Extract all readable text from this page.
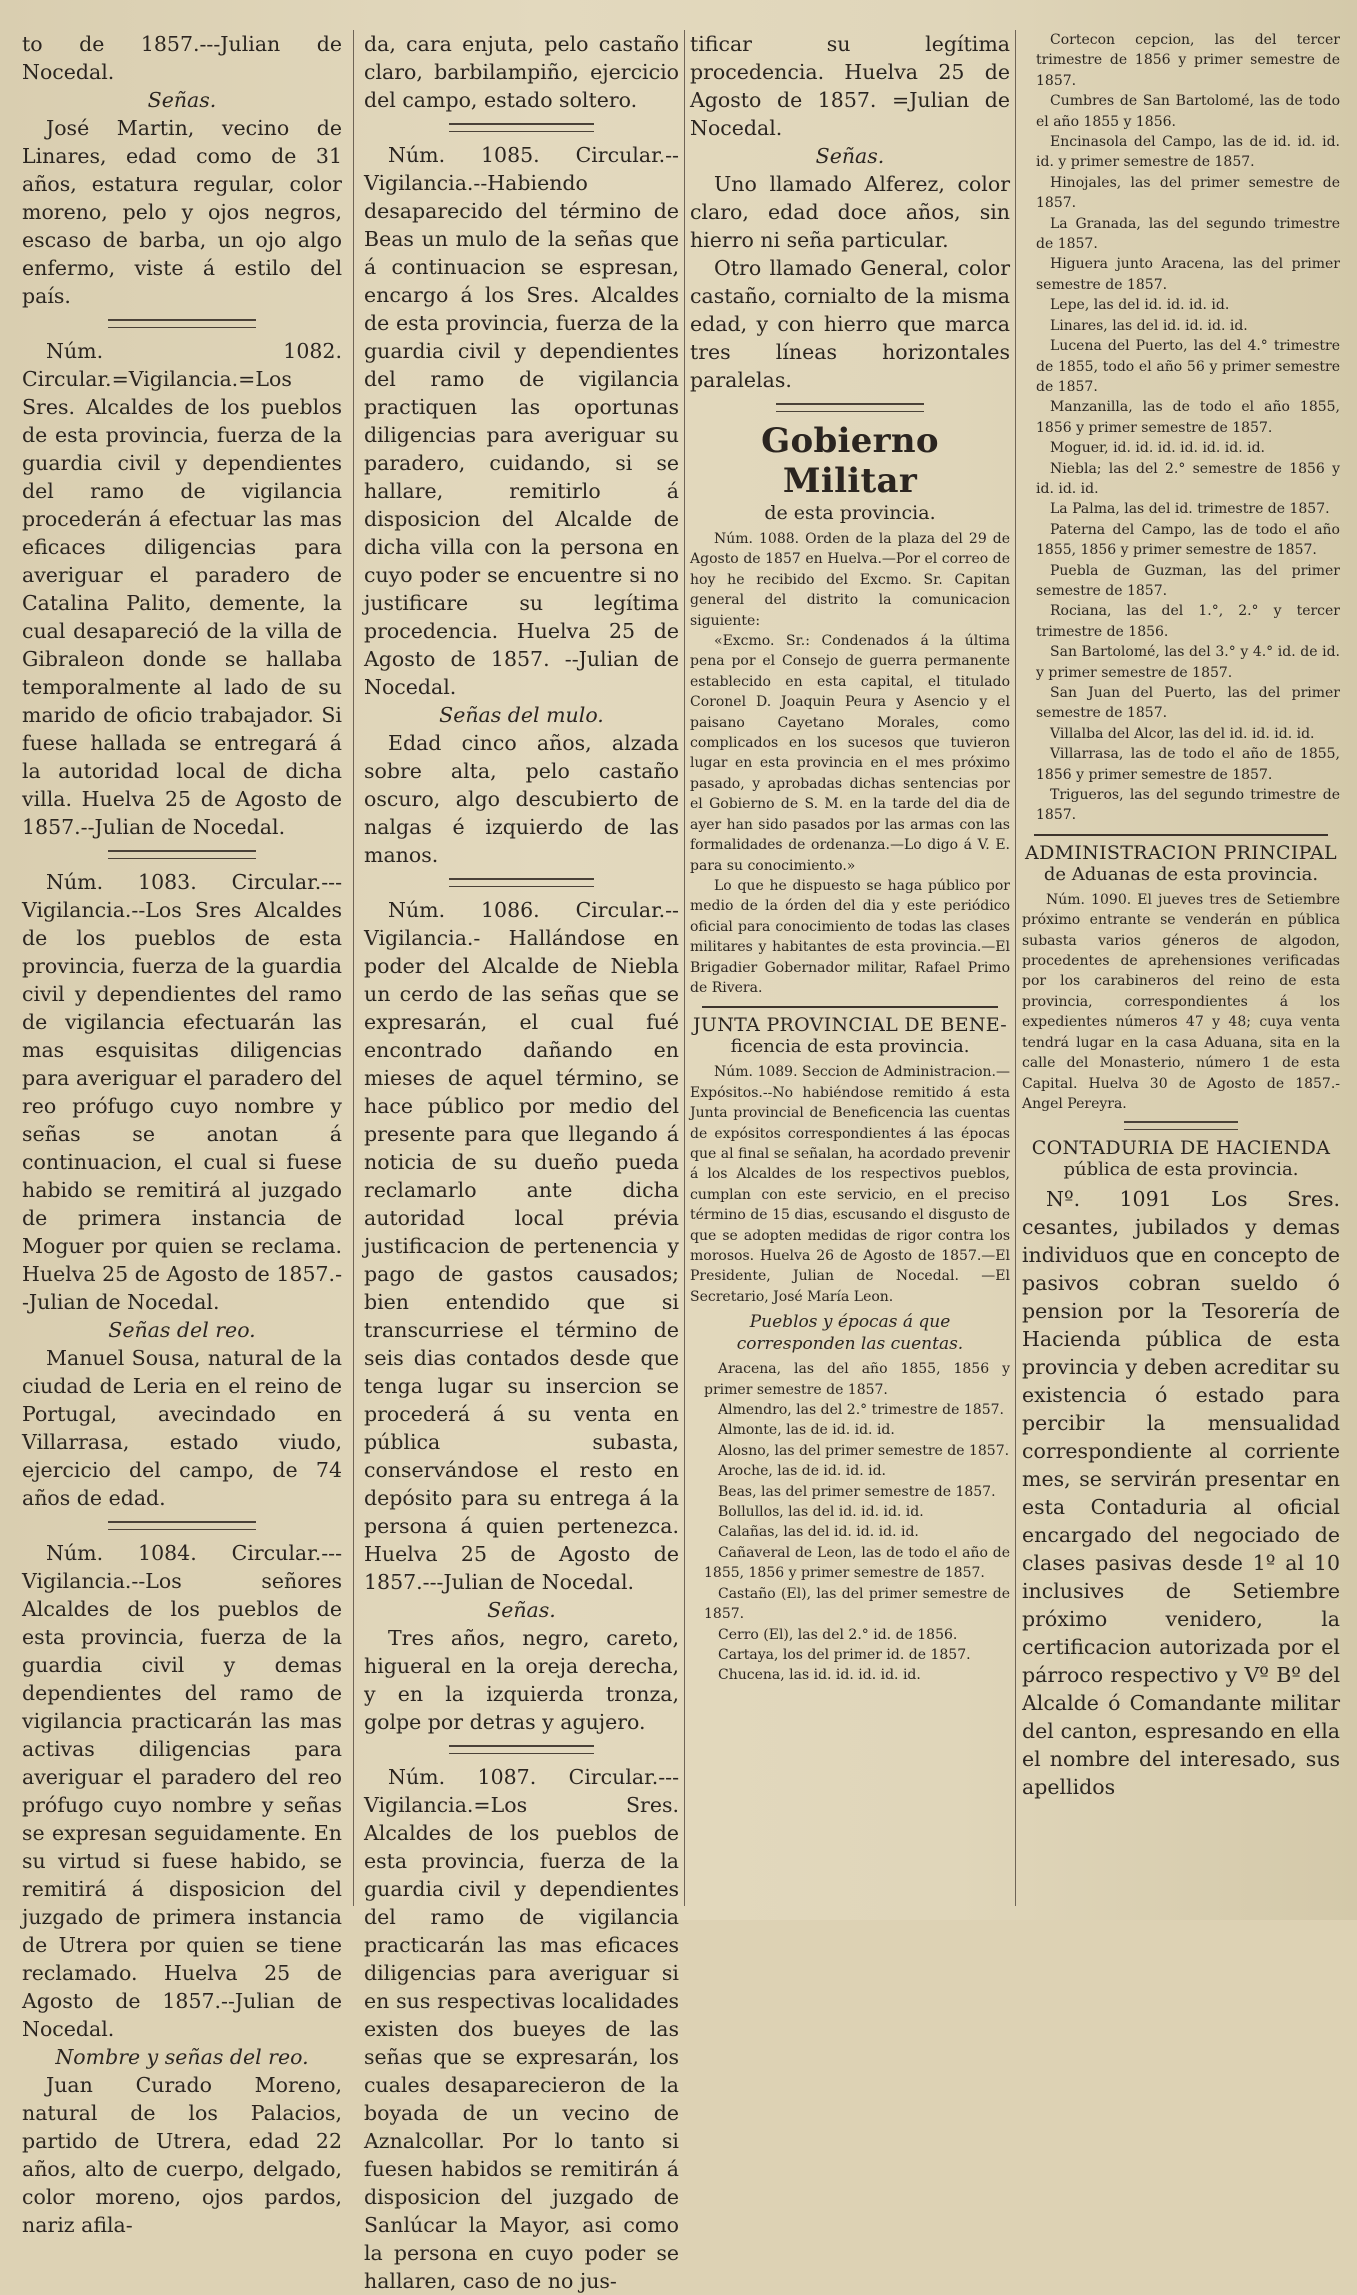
to de 1857.---Julian de Nocedal.

Señas.

José Martin, vecino de Linares, edad como de 31 años, estatura regular, color moreno, pelo y ojos negros, escaso de barba, un ojo algo enfermo, viste á estilo del país.

Núm. 1082. Circular.=Vigilancia.=Los Sres. Alcaldes de los pueblos de esta provincia, fuerza de la guardia civil y dependientes del ramo de vigilancia procederán á efectuar las mas eficaces diligencias para averiguar el paradero de Catalina Palito, demente, la cual desapareció de la villa de Gibraleon donde se hallaba temporalmente al lado de su marido de oficio trabajador. Si fuese hallada se entregará á la autoridad local de dicha villa. Huelva 25 de Agosto de 1857.--Julian de Nocedal.

Núm. 1083. Circular.---Vigilancia.--Los Sres Alcaldes de los pueblos de esta provincia, fuerza de la guardia civil y dependientes del ramo de vigilancia efectuarán las mas esquisitas diligencias para averiguar el paradero del reo prófugo cuyo nombre y señas se anotan á continuacion, el cual si fuese habido se remitirá al juzgado de primera instancia de Moguer por quien se reclama. Huelva 25 de Agosto de 1857.--Julian de Nocedal.

Señas del reo.

Manuel Sousa, natural de la ciudad de Leria en el reino de Portugal, avecindado en Villarrasa, estado viudo, ejercicio del campo, de 74 años de edad.

Núm. 1084. Circular.---Vigilancia.--Los señores Alcaldes de los pueblos de esta provincia, fuerza de la guardia civil y demas dependientes del ramo de vigilancia practicarán las mas activas diligencias para averiguar el paradero del reo prófugo cuyo nombre y señas se expresan seguidamente. En su virtud si fuese habido, se remitirá á disposicion del juzgado de primera instancia de Utrera por quien se tiene reclamado. Huelva 25 de Agosto de 1857.--Julian de Nocedal.

Nombre y señas del reo.

Juan Curado Moreno, natural de los Palacios, partido de Utrera, edad 22 años, alto de cuerpo, delgado, color moreno, ojos pardos, nariz afila-

da, cara enjuta, pelo castaño claro, barbilampiño, ejercicio del campo, estado soltero.

Núm. 1085. Circular.--Vigilancia.--Habiendo desaparecido del término de Beas un mulo de la señas que á continuacion se espresan, encargo á los Sres. Alcaldes de esta provincia, fuerza de la guardia civil y dependientes del ramo de vigilancia practiquen las oportunas diligencias para averiguar su paradero, cuidando, si se hallare, remitirlo á disposicion del Alcalde de dicha villa con la persona en cuyo poder se encuentre si no justificare su legítima procedencia. Huelva 25 de Agosto de 1857. --Julian de Nocedal.

Señas del mulo.

Edad cinco años, alzada sobre alta, pelo castaño oscuro, algo descubierto de nalgas é izquierdo de las manos.

Núm. 1086. Circular.--Vigilancia.- Hallándose en poder del Alcalde de Niebla un cerdo de las señas que se expresarán, el cual fué encontrado dañando en mieses de aquel término, se hace público por medio del presente para que llegando á noticia de su dueño pueda reclamarlo ante dicha autoridad local prévia justificacion de pertenencia y pago de gastos causados; bien entendido que si transcurriese el término de seis dias contados desde que tenga lugar su insercion se procederá á su venta en pública subasta, conservándose el resto en depósito para su entrega á la persona á quien pertenezca. Huelva 25 de Agosto de 1857.---Julian de Nocedal.

Señas.

Tres años, negro, careto, higueral en la oreja derecha, y en la izquierda tronza, golpe por detras y agujero.

Núm. 1087. Circular.---Vigilancia.=Los Sres. Alcaldes de los pueblos de esta provincia, fuerza de la guardia civil y dependientes del ramo de vigilancia practicarán las mas eficaces diligencias para averiguar si en sus respectivas localidades existen dos bueyes de las señas que se expresarán, los cuales desaparecieron de la boyada de un vecino de Aznalcollar. Por lo tanto si fuesen habidos se remitirán á disposicion del juzgado de Sanlúcar la Mayor, asi como la persona en cuyo poder se hallaren, caso de no jus-

tificar su legítima procedencia. Huelva 25 de Agosto de 1857. =Julian de Nocedal.

Señas.

Uno llamado Alferez, color claro, edad doce años, sin hierro ni seña particular.

Otro llamado General, color castaño, cornialto de la misma edad, y con hierro que marca tres líneas horizontales paralelas.

Gobierno Militar
de esta provincia.

Núm. 1088. Orden de la plaza del 29 de Agosto de 1857 en Huelva.—Por el correo de hoy he recibido del Excmo. Sr. Capitan general del distrito la comunicacion siguiente:

«Excmo. Sr.: Condenados á la última pena por el Consejo de guerra permanente establecido en esta capital, el titulado Coronel D. Joaquin Peura y Asencio y el paisano Cayetano Morales, como complicados en los sucesos que tuvieron lugar en esta provincia en el mes próximo pasado, y aprobadas dichas sentencias por el Gobierno de S. M. en la tarde del dia de ayer han sido pasados por las armas con las formalidades de ordenanza.—Lo digo á V. E. para su conocimiento.»

Lo que he dispuesto se haga público por medio de la órden del dia y este periódico oficial para conocimiento de todas las clases militares y habitantes de esta provincia.—El Brigadier Gobernador militar, Rafael Primo de Rivera.

JUNTA PROVINCIAL DE BENE-
ficencia de esta provincia.

Núm. 1089. Seccion de Administracion.—Expósitos.--No habiéndose remitido á esta Junta provincial de Beneficencia las cuentas de expósitos correspondientes á las épocas que al final se señalan, ha acordado prevenir á los Alcaldes de los respectivos pueblos, cumplan con este servicio, en el preciso término de 15 dias, escusando el disgusto de que se adopten medidas de rigor contra los morosos. Huelva 26 de Agosto de 1857.—El Presidente, Julian de Nocedal. —El Secretario, José María Leon.

Pueblos y épocas á que corresponden las cuentas.

Aracena, las del año 1855, 1856 y primer semestre de 1857.

Almendro, las del 2.° trimestre de 1857.

Almonte, las de id. id. id.

Alosno, las del primer semestre de 1857.

Aroche, las de id. id. id.

Beas, las del primer semestre de 1857.

Bollullos, las del id. id. id. id.

Calañas, las del id. id. id. id.

Cañaveral de Leon, las de todo el año de 1855, 1856 y primer semestre de 1857.

Castaño (El), las del primer semestre de 1857.

Cerro (El), las del 2.° id. de 1856.

Cartaya, los del primer id. de 1857.

Chucena, las id. id. id. id. id.

Cortecon cepcion, las del tercer trimestre de 1856 y primer semestre de 1857.

Cumbres de San Bartolomé, las de todo el año 1855 y 1856.

Encinasola del Campo, las de id. id. id. id. y primer semestre de 1857.

Hinojales, las del primer semestre de 1857.

La Granada, las del segundo trimestre de 1857.

Higuera junto Aracena, las del primer semestre de 1857.

Lepe, las del id. id. id. id.

Linares, las del id. id. id. id.

Lucena del Puerto, las del 4.° trimestre de 1855, todo el año 56 y primer semestre de 1857.

Manzanilla, las de todo el año 1855, 1856 y primer semestre de 1857.

Moguer, id. id. id. id. id. id. id.

Niebla; las del 2.° semestre de 1856 y id. id. id.

La Palma, las del id. trimestre de 1857.

Paterna del Campo, las de todo el año 1855, 1856 y primer semestre de 1857.

Puebla de Guzman, las del primer semestre de 1857.

Rociana, las del 1.°, 2.° y tercer trimestre de 1856.

San Bartolomé, las del 3.° y 4.° id. de id. y primer semestre de 1857.

San Juan del Puerto, las del primer semestre de 1857.

Villalba del Alcor, las del id. id. id. id.

Villarrasa, las de todo el año de 1855, 1856 y primer semestre de 1857.

Trigueros, las del segundo trimestre de 1857.

ADMINISTRACION PRINCIPAL
de Aduanas de esta provincia.

Núm. 1090. El jueves tres de Setiembre próximo entrante se venderán en pública subasta varios géneros de algodon, procedentes de aprehensiones verificadas por los carabineros del reino de esta provincia, correspondientes á los expedientes números 47 y 48; cuya venta tendrá lugar en la casa Aduana, sita en la calle del Monasterio, número 1 de esta Capital. Huelva 30 de Agosto de 1857.-Angel Pereyra.

CONTADURIA DE HACIENDA
pública de esta provincia.

Nº. 1091 Los Sres. cesantes, jubilados y demas individuos que en concepto de pasivos cobran sueldo ó pension por la Tesorería de Hacienda pública de esta provincia y deben acreditar su existencia ó estado para percibir la mensualidad correspondiente al corriente mes, se servirán presentar en esta Contaduria al oficial encargado del negociado de clases pasivas desde 1º al 10 inclusives de Setiembre próximo venidero, la certificacion autorizada por el párroco respectivo y Vº Bº del Alcalde ó Comandante militar del canton, espresando en ella el nombre del interesado, sus apellidos
